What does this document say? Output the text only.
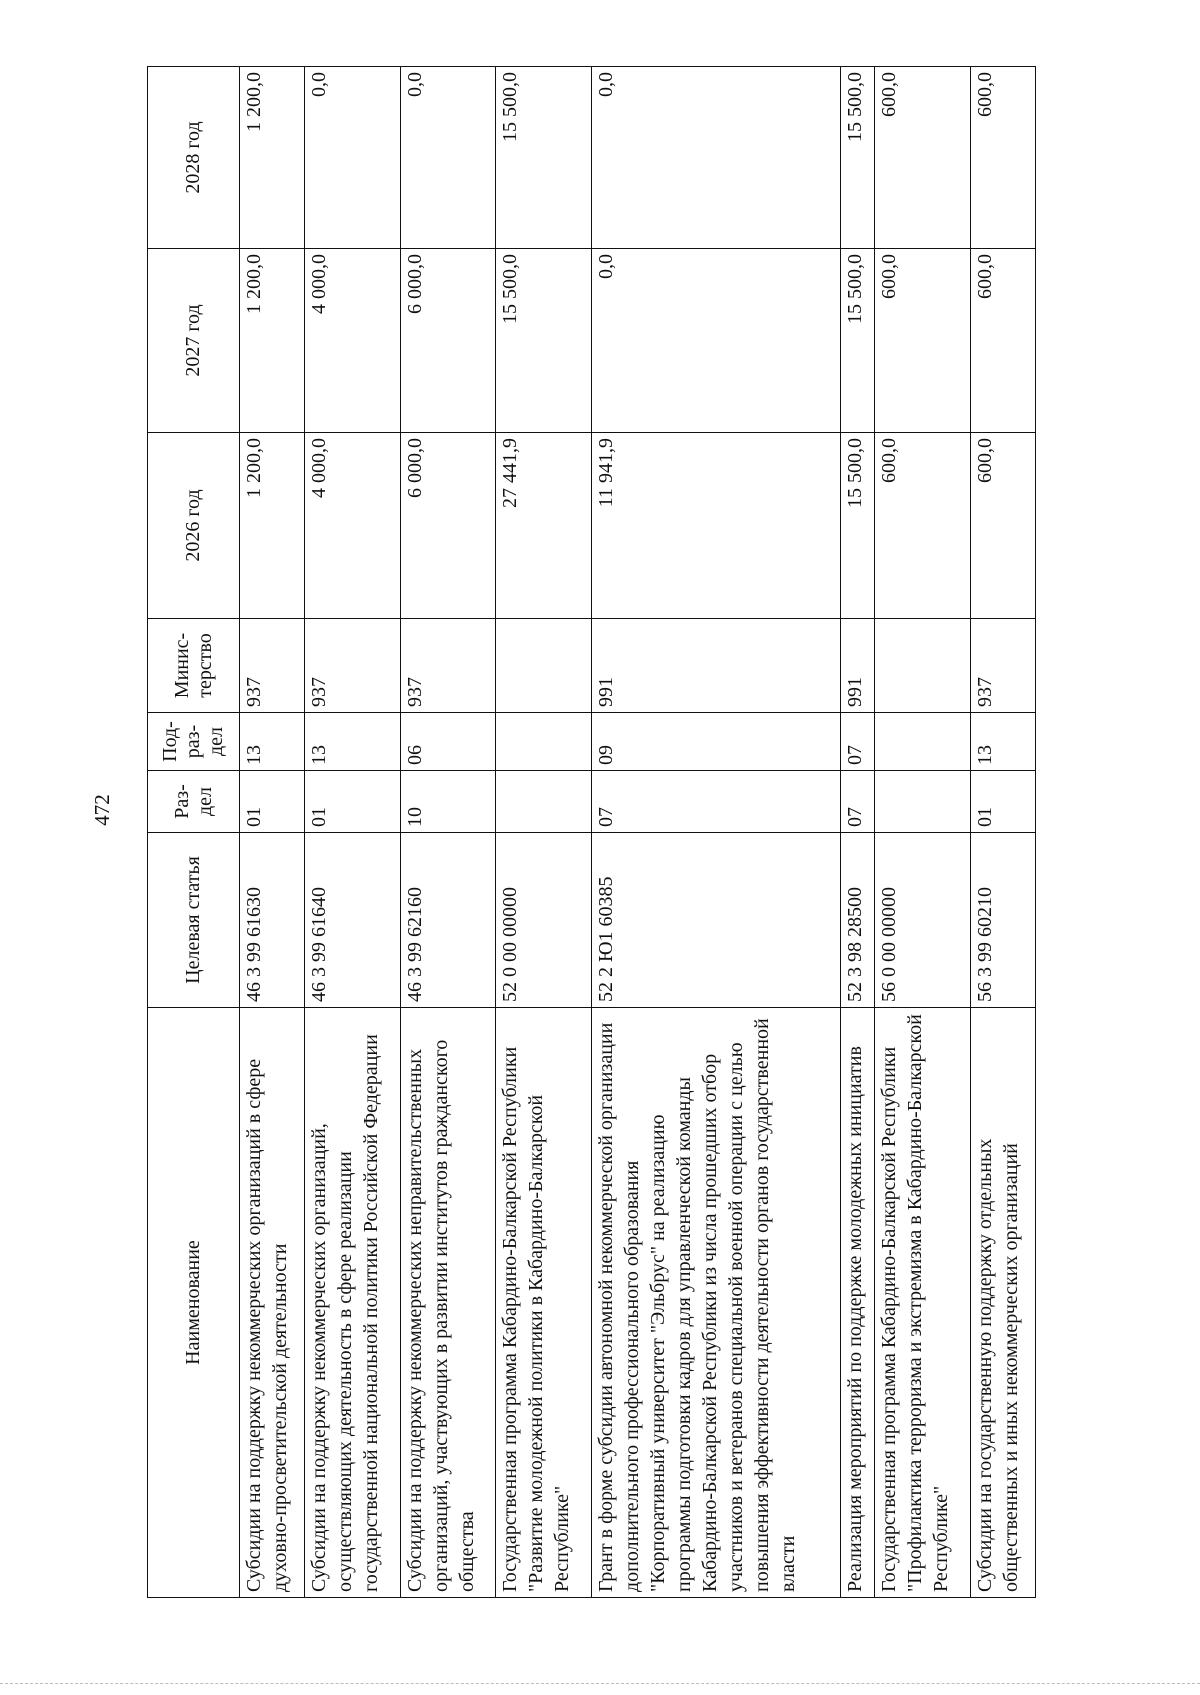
472
Наименование	Целевая статья	Раз-дел	Под-раз-дел	Минис-терство	2026 год	2027 год	2028 год
Субсидии на поддержку некоммерческих организаций в сфере духовно-просветительской деятельности	46 3 99 61630	01	13	937	1 200,0	1 200,0	1 200,0
Субсидии на поддержку некоммерческих организаций, осуществляющих деятельность в сфере реализации государственной национальной политики Российской Федерации	46 3 99 61640	01	13	937	4 000,0	4 000,0	0,0
Субсидии на поддержку некоммерческих неправительственных организаций, участвующих в развитии институтов гражданского общества	46 3 99 62160	10	06	937	6 000,0	6 000,0	0,0
Государственная программа Кабардино-Балкарской Республики "Развитие молодежной политики в Кабардино-Балкарской Республике"	52 0 00 00000				27 441,9	15 500,0	15 500,0
Грант в форме субсидии автономной некоммерческой организации дополнительного профессионального образования "Корпоративный университет "Эльбрус" на реализацию программы подготовки кадров для управленческой команды Кабардино-Балкарской Республики из числа прошедших отбор участников и ветеранов специальной военной операции с целью повышения эффективности деятельности органов государственной власти	52 2 Ю1 60385	07	09	991	11 941,9	0,0	0,0
Реализация мероприятий по поддержке молодежных инициатив	52 3 98 28500	07	07	991	15 500,0	15 500,0	15 500,0
Государственная программа Кабардино-Балкарской Республики "Профилактика терроризма и экстремизма в Кабардино-Балкарской Республике"	56 0 00 00000				600,0	600,0	600,0
Субсидии на государственную поддержку отдельных общественных и иных некоммерческих организаций	56 3 99 60210	01	13	937	600,0	600,0	600,0
